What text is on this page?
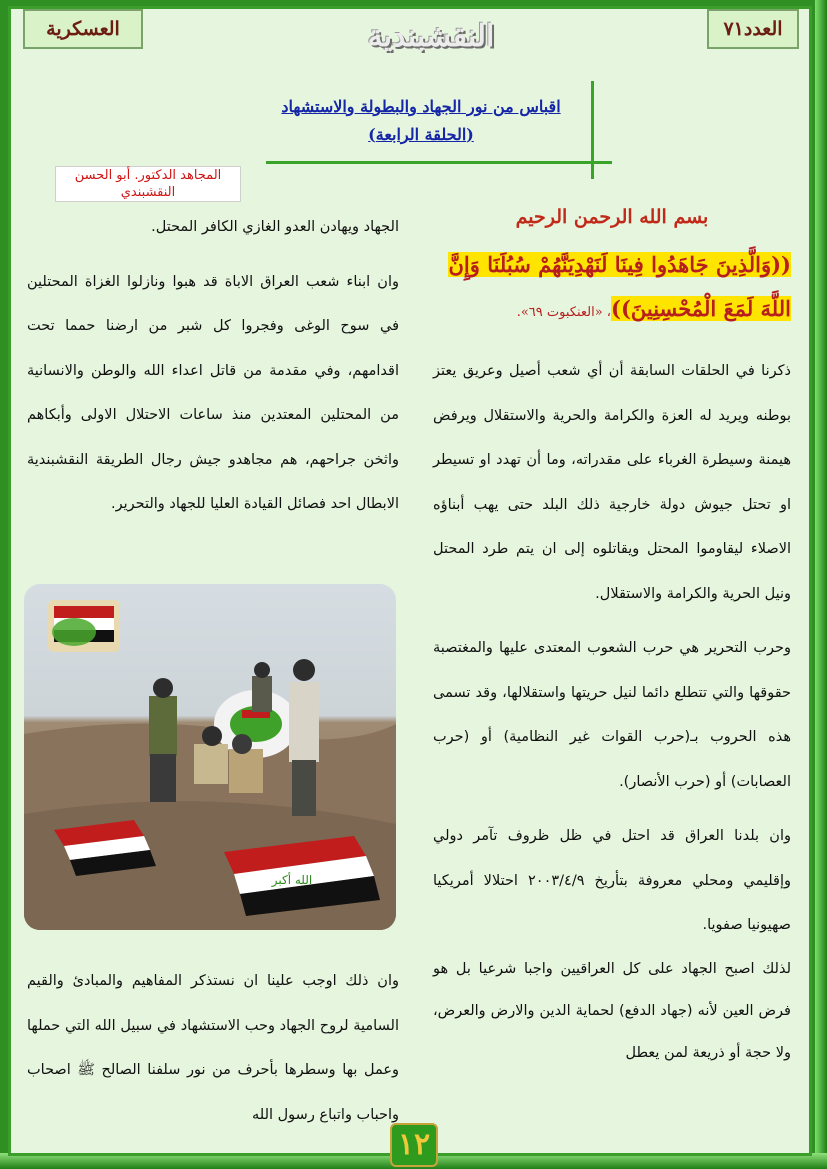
العسكرية	النقشبندية	العدد٧١
اقباس من نور الجهاد والبطولة والاستشهاد
(الحلقة الرابعة)
المجاهد الدكتور. أبو الحسن
النقشبندي
بسم الله الرحمن الرحيم
((وَالَّذِينَ جَاهَدُوا فِينَا لَنَهْدِيَنَّهُمْ سُبُلَنَا وَإِنَّ اللَّهَ لَمَعَ الْمُحْسِنِينَ))، «العنكبوت ٦٩».

ذكرنا في الحلقات السابقة أن أي شعب أصيل وعريق يعتز بوطنه ويريد له العزة والكرامة والحرية والاستقلال ويرفض هيمنة وسيطرة الغرباء على مقدراته، وما أن تهدد او تسيطر او تحتل جيوش دولة خارجية ذلك البلد حتى يهب أبناؤه الاصلاء ليقاوموا المحتل ويقاتلوه إلى ان يتم طرد المحتل ونيل الحرية والكرامة والاستقلال.

وحرب التحرير هي حرب الشعوب المعتدى عليها والمغتصبة حقوقها والتي تتطلع دائما لنيل حريتها واستقلالها، وقد تسمى هذه الحروب بـ(حرب القوات غير النظامية) أو (حرب العصابات) أو (حرب الأنصار).

وان بلدنا العراق قد احتل في ظل ظروف تآمر دولي وإقليمي ومحلي معروفة بتأريخ ٢٠٠٣/٤/٩ احتلالا أمريكيا صهيونيا صفويا.

لذلك اصبح الجهاد على كل العراقيين واجبا شرعيا بل هو فرض العين لأنه (جهاد الدفع) لحماية الدين والارض والعرض، ولا حجة أو ذريعة لمن يعطل

الجهاد ويهادن العدو الغازي الكافر المحتل.

وان ابناء شعب العراق الاباة قد هبوا ونازلوا الغزاة المحتلين في سوح الوغى وفجروا كل شبر من ارضنا حمما تحت اقدامهم، وفي مقدمة من قاتل اعداء الله والوطن والانسانية من المحتلين المعتدين منذ ساعات الاحتلال الاولى وأبكاهم واثخن جراحهم، هم مجاهدو جيش رجال الطريقة النقشبندية الابطال احد فصائل القيادة العليا للجهاد والتحرير.

وان ذلك اوجب علينا ان نستذكر المفاهيم والمبادئ والقيم السامية لروح الجهاد وحب الاستشهاد في سبيل الله التي حملها وعمل بها وسطرها بأحرف من نور سلفنا الصالح ﷺ اصحاب واحباب واتباع رسول الله

الله أكبر
١٢
